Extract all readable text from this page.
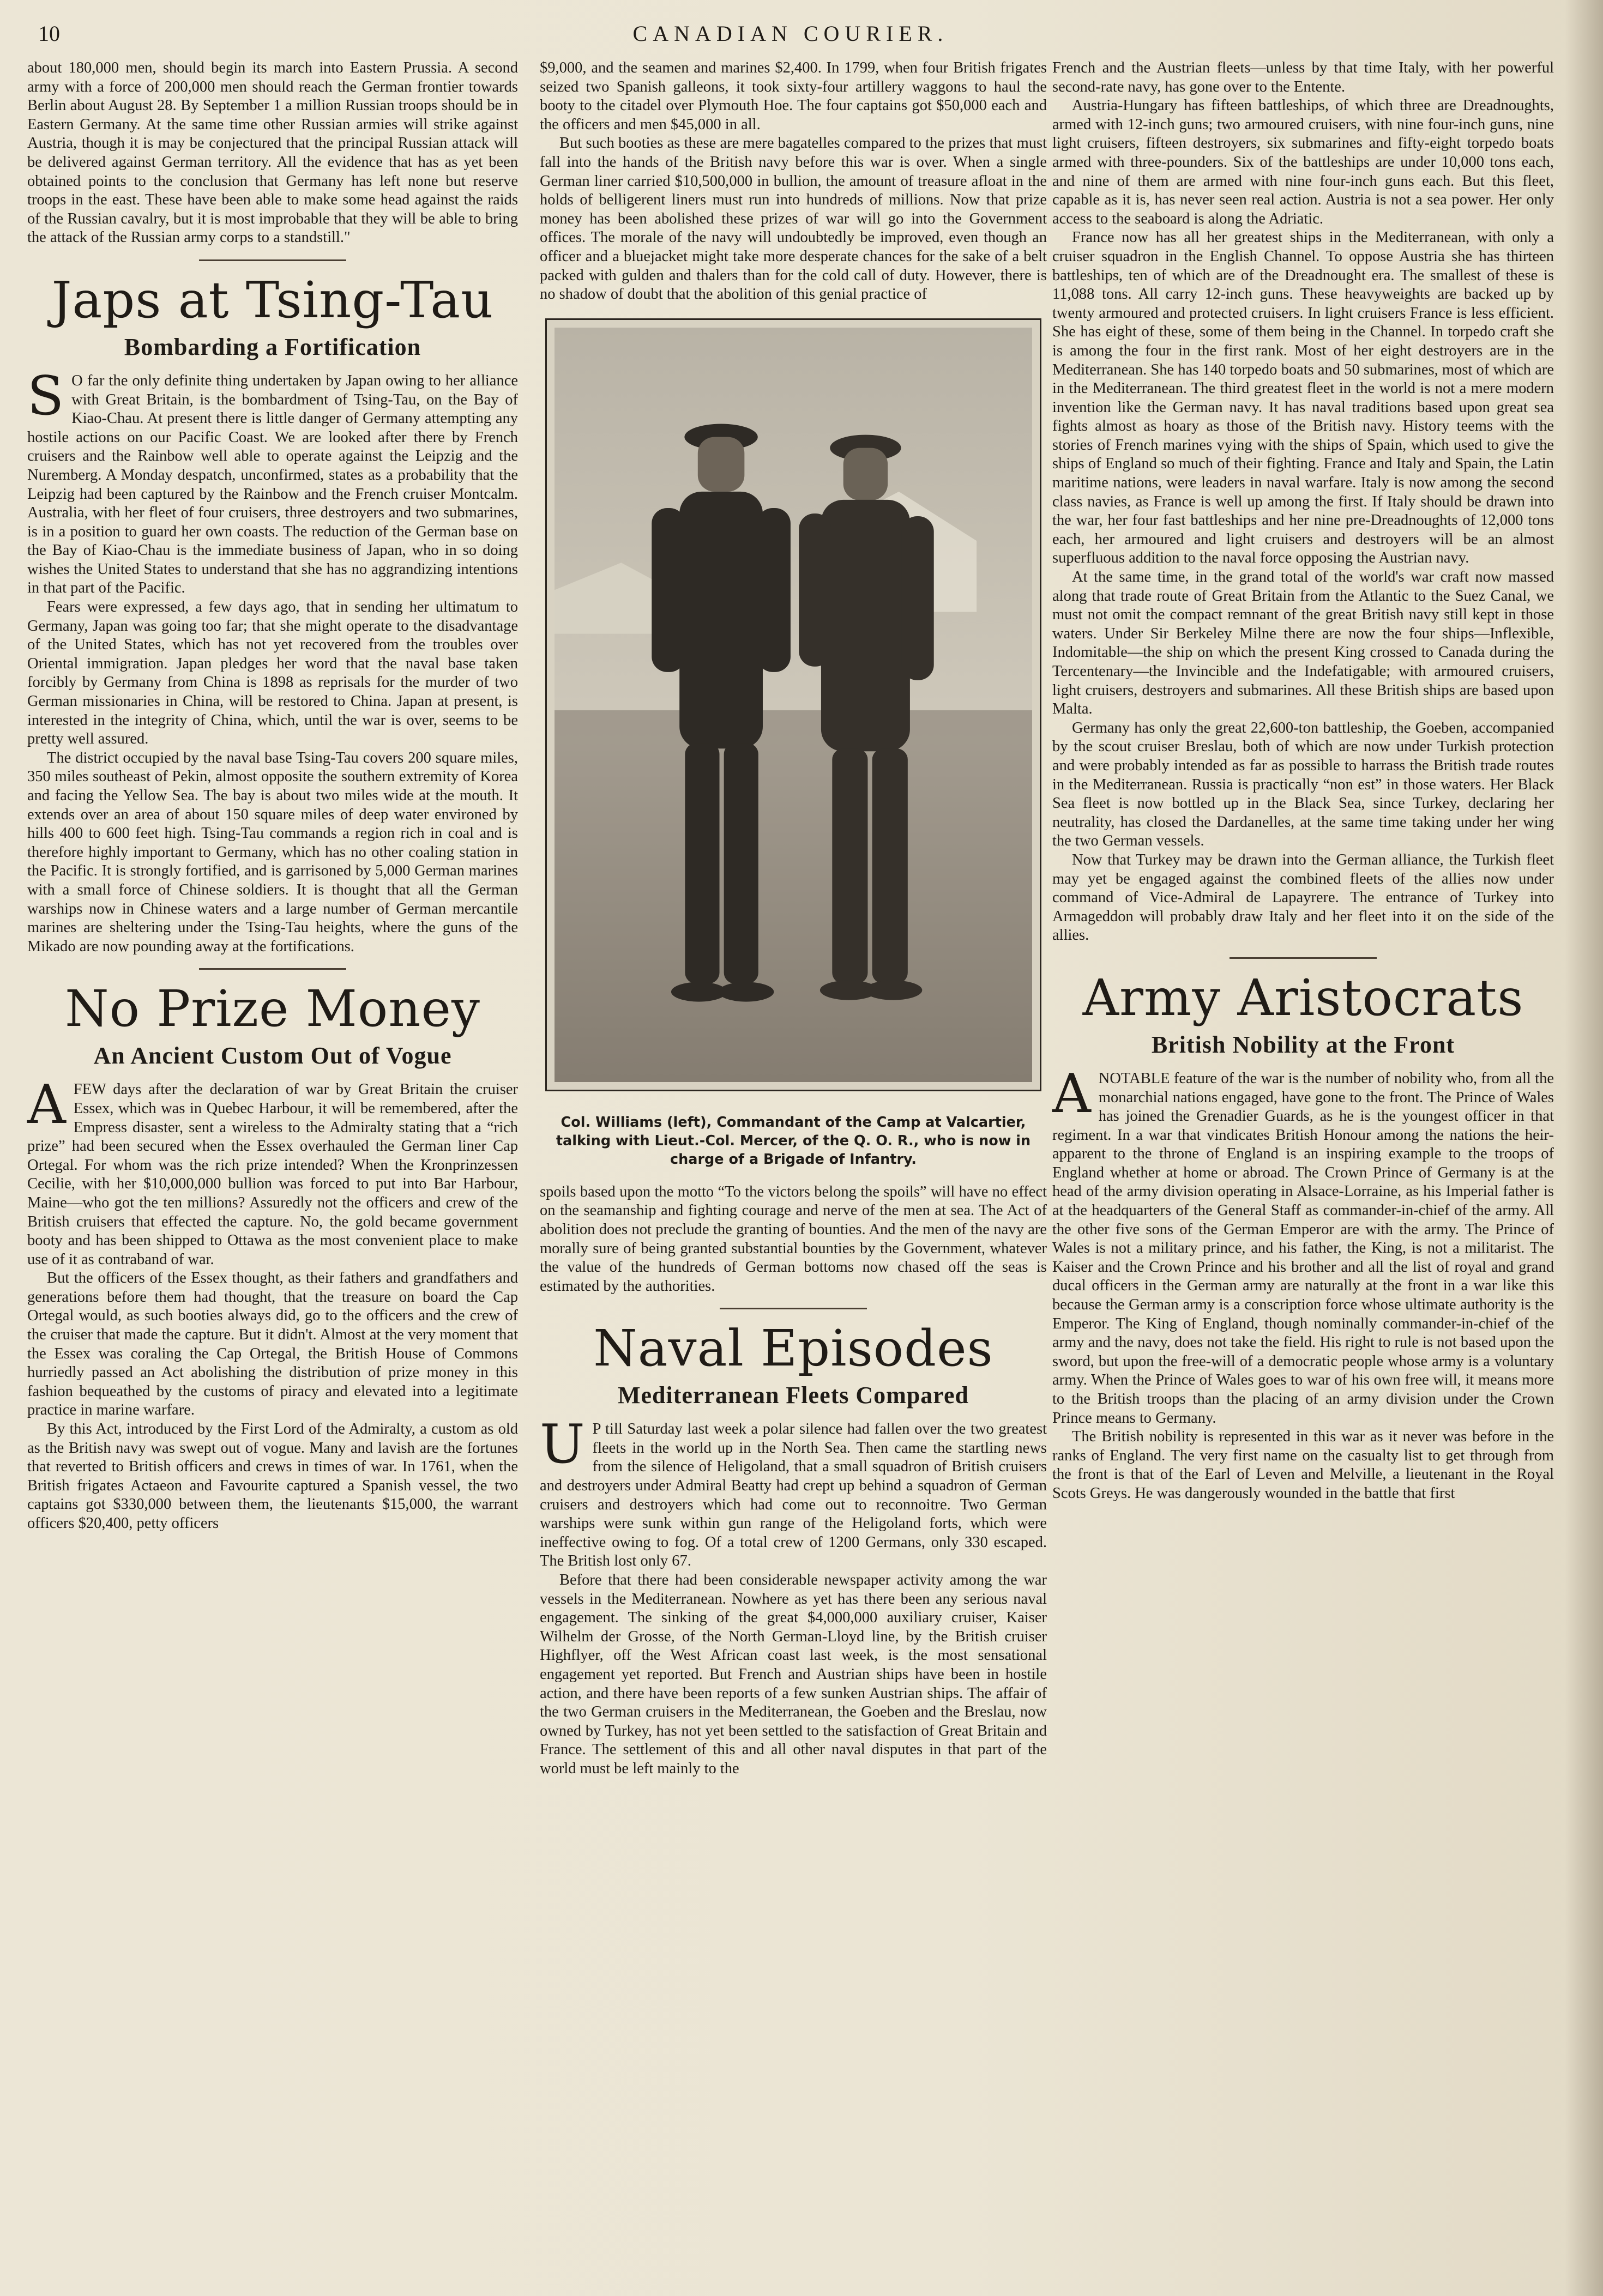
10	CANADIAN COURIER.

about 180,000 men, should begin its march into Eastern Prussia. A second army with a force of 200,000 men should reach the German frontier towards Berlin about August 28. By September 1 a million Russian troops should be in Eastern Germany. At the same time other Russian armies will strike against Austria, though it is may be conjectured that the principal Russian attack will be delivered against German territory. All the evidence that has as yet been obtained points to the conclusion that Germany has left none but reserve troops in the east. These have been able to make some head against the raids of the Russian cavalry, but it is most improbable that they will be able to bring the attack of the Russian army corps to a standstill."

Japs at Tsing-Tau
Bombarding a Fortification

S O far the only definite thing undertaken by Japan owing to her alliance with Great Britain, is the bombardment of Tsing-Tau, on the Bay of Kiao-Chau. At present there is little danger of Germany attempting any hostile actions on our Pacific Coast. We are looked after there by French cruisers and the Rainbow well able to operate against the Leipzig and the Nuremberg. A Monday despatch, unconfirmed, states as a probability that the Leipzig had been captured by the Rainbow and the French cruiser Montcalm. Australia, with her fleet of four cruisers, three destroyers and two submarines, is in a position to guard her own coasts. The reduction of the German base on the Bay of Kiao-Chau is the immediate business of Japan, who in so doing wishes the United States to understand that she has no aggrandizing intentions in that part of the Pacific.

Fears were expressed, a few days ago, that in sending her ultimatum to Germany, Japan was going too far; that she might operate to the disadvantage of the United States, which has not yet recovered from the troubles over Oriental immigration. Japan pledges her word that the naval base taken forcibly by Germany from China is 1898 as reprisals for the murder of two German missionaries in China, will be restored to China. Japan at present, is interested in the integrity of China, which, until the war is over, seems to be pretty well assured.

The district occupied by the naval base Tsing-Tau covers 200 square miles, 350 miles southeast of Pekin, almost opposite the southern extremity of Korea and facing the Yellow Sea. The bay is about two miles wide at the mouth. It extends over an area of about 150 square miles of deep water environed by hills 400 to 600 feet high. Tsing-Tau commands a region rich in coal and is therefore highly important to Germany, which has no other coaling station in the Pacific. It is strongly fortified, and is garrisoned by 5,000 German marines with a small force of Chinese soldiers. It is thought that all the German warships now in Chinese waters and a large number of German mercantile marines are sheltering under the Tsing-Tau heights, where the guns of the Mikado are now pounding away at the fortifications.

No Prize Money
An Ancient Custom Out of Vogue

AFEW days after the declaration of war by Great Britain the cruiser Essex, which was in Quebec Harbour, it will be remembered, after the Empress disaster, sent a wireless to the Admiralty stating that a “rich prize” had been secured when the Essex overhauled the German liner Cap Ortegal. For whom was the rich prize intended? When the Kronprinzessen Cecilie, with her $10,000,000 bullion was forced to put into Bar Harbour, Maine—who got the ten millions? Assuredly not the officers and crew of the British cruisers that effected the capture. No, the gold became government booty and has been shipped to Ottawa as the most convenient place to make use of it as contraband of war.

But the officers of the Essex thought, as their fathers and grandfathers and generations before them had thought, that the treasure on board the Cap Ortegal would, as such booties always did, go to the officers and the crew of the cruiser that made the capture. But it didn't. Almost at the very moment that the Essex was coraling the Cap Ortegal, the British House of Commons hurriedly passed an Act abolishing the distribution of prize money in this fashion bequeathed by the customs of piracy and elevated into a legitimate practice in marine warfare.

By this Act, introduced by the First Lord of the Admiralty, a custom as old as the British navy was swept out of vogue. Many and lavish are the fortunes that reverted to British officers and crews in times of war. In 1761, when the British frigates Actaeon and Favourite captured a Spanish vessel, the two captains got $330,000 between them, the lieutenants $15,000, the warrant officers $20,400, petty officers

$9,000, and the seamen and marines $2,400. In 1799, when four British frigates seized two Spanish galleons, it took sixty-four artillery waggons to haul the booty to the citadel over Plymouth Hoe. The four captains got $50,000 each and the officers and men $45,000 in all.

But such booties as these are mere bagatelles compared to the prizes that must fall into the hands of the British navy before this war is over. When a single German liner carried $10,500,000 in bullion, the amount of treasure afloat in the holds of belligerent liners must run into hundreds of millions. Now that prize money has been abolished these prizes of war will go into the Government offices. The morale of the navy will undoubtedly be improved, even though an officer and a bluejacket might take more desperate chances for the sake of a belt packed with gulden and thalers than for the cold call of duty. However, there is no shadow of doubt that the abolition of this genial practice of

Col. Williams (left), Commandant of the Camp at Valcartier, talking with Lieut.-Col. Mercer, of the Q. O. R., who is now in charge of a Brigade of Infantry.

spoils based upon the motto “To the victors belong the spoils” will have no effect on the seamanship and fighting courage and nerve of the men at sea. The Act of abolition does not preclude the granting of bounties. And the men of the navy are morally sure of being granted substantial bounties by the Government, whatever the value of the hundreds of German bottoms now chased off the seas is estimated by the authorities.

Naval Episodes
Mediterranean Fleets Compared

U P till Saturday last week a polar silence had fallen over the two greatest fleets in the world up in the North Sea. Then came the startling news from the silence of Heligoland, that a small squadron of British cruisers and destroyers under Admiral Beatty had crept up behind a squadron of German cruisers and destroyers which had come out to reconnoitre. Two German warships were sunk within gun range of the Heligoland forts, which were ineffective owing to fog. Of a total crew of 1200 Germans, only 330 escaped. The British lost only 67.

Before that there had been considerable newspaper activity among the war vessels in the Mediterranean. Nowhere as yet has there been any serious naval engagement. The sinking of the great $4,000,000 auxiliary cruiser, Kaiser Wilhelm der Grosse, of the North German-Lloyd line, by the British cruiser Highflyer, off the West African coast last week, is the most sensational engagement yet reported. But French and Austrian ships have been in hostile action, and there have been reports of a few sunken Austrian ships. The affair of the two German cruisers in the Mediterranean, the Goeben and the Breslau, now owned by Turkey, has not yet been settled to the satisfaction of Great Britain and France. The settlement of this and all other naval disputes in that part of the world must be left mainly to the

French and the Austrian fleets—unless by that time Italy, with her powerful second-rate navy, has gone over to the Entente.

Austria-Hungary has fifteen battleships, of which three are Dreadnoughts, armed with 12-inch guns; two armoured cruisers, with nine four-inch guns, nine light cruisers, fifteen destroyers, six submarines and fifty-eight torpedo boats armed with three-pounders. Six of the battleships are under 10,000 tons each, and nine of them are armed with nine four-inch guns each. But this fleet, capable as it is, has never seen real action. Austria is not a sea power. Her only access to the seaboard is along the Adriatic.

France now has all her greatest ships in the Mediterranean, with only a cruiser squadron in the English Channel. To oppose Austria she has thirteen battleships, ten of which are of the Dreadnought era. The smallest of these is 11,088 tons. All carry 12-inch guns. These heavyweights are backed up by twenty armoured and protected cruisers. In light cruisers France is less efficient. She has eight of these, some of them being in the Channel. In torpedo craft she is among the four in the first rank. Most of her eight destroyers are in the Mediterranean. She has 140 torpedo boats and 50 submarines, most of which are in the Mediterranean. The third greatest fleet in the world is not a mere modern invention like the German navy. It has naval traditions based upon great sea fights almost as hoary as those of the British navy. History teems with the stories of French marines vying with the ships of Spain, which used to give the ships of England so much of their fighting. France and Italy and Spain, the Latin maritime nations, were leaders in naval warfare. Italy is now among the second class navies, as France is well up among the first. If Italy should be drawn into the war, her four fast battleships and her nine pre-Dreadnoughts of 12,000 tons each, her armoured and light cruisers and destroyers will be an almost superfluous addition to the naval force opposing the Austrian navy.

At the same time, in the grand total of the world's war craft now massed along that trade route of Great Britain from the Atlantic to the Suez Canal, we must not omit the compact remnant of the great British navy still kept in those waters. Under Sir Berkeley Milne there are now the four ships—Inflexible, Indomitable—the ship on which the present King crossed to Canada during the Tercentenary—the Invincible and the Indefatigable; with armoured cruisers, light cruisers, destroyers and submarines. All these British ships are based upon Malta.

Germany has only the great 22,600-ton battleship, the Goeben, accompanied by the scout cruiser Breslau, both of which are now under Turkish protection and were probably intended as far as possible to harrass the British trade routes in the Mediterranean. Russia is practically “non est” in those waters. Her Black Sea fleet is now bottled up in the Black Sea, since Turkey, declaring her neutrality, has closed the Dardanelles, at the same time taking under her wing the two German vessels.

Now that Turkey may be drawn into the German alliance, the Turkish fleet may yet be engaged against the combined fleets of the allies now under command of Vice-Admiral de Lapayrere. The entrance of Turkey into Armageddon will probably draw Italy and her fleet into it on the side of the allies.

Army Aristocrats
British Nobility at the Front

ANOTABLE feature of the war is the number of nobility who, from all the monarchial nations engaged, have gone to the front. The Prince of Wales has joined the Grenadier Guards, as he is the youngest officer in that regiment. In a war that vindicates British Honour among the nations the heir-apparent to the throne of England is an inspiring example to the troops of England whether at home or abroad. The Crown Prince of Germany is at the head of the army division operating in Alsace-Lorraine, as his Imperial father is at the headquarters of the General Staff as commander-in-chief of the army. All the other five sons of the German Emperor are with the army. The Prince of Wales is not a military prince, and his father, the King, is not a militarist. The Kaiser and the Crown Prince and his brother and all the list of royal and grand ducal officers in the German army are naturally at the front in a war like this because the German army is a conscription force whose ultimate authority is the Emperor. The King of England, though nominally commander-in-chief of the army and the navy, does not take the field. His right to rule is not based upon the sword, but upon the free-will of a democratic people whose army is a voluntary army. When the Prince of Wales goes to war of his own free will, it means more to the British troops than the placing of an army division under the Crown Prince means to Germany.

The British nobility is represented in this war as it never was before in the ranks of England. The very first name on the casualty list to get through from the front is that of the Earl of Leven and Melville, a lieutenant in the Royal Scots Greys. He was dangerously wounded in the battle that first
